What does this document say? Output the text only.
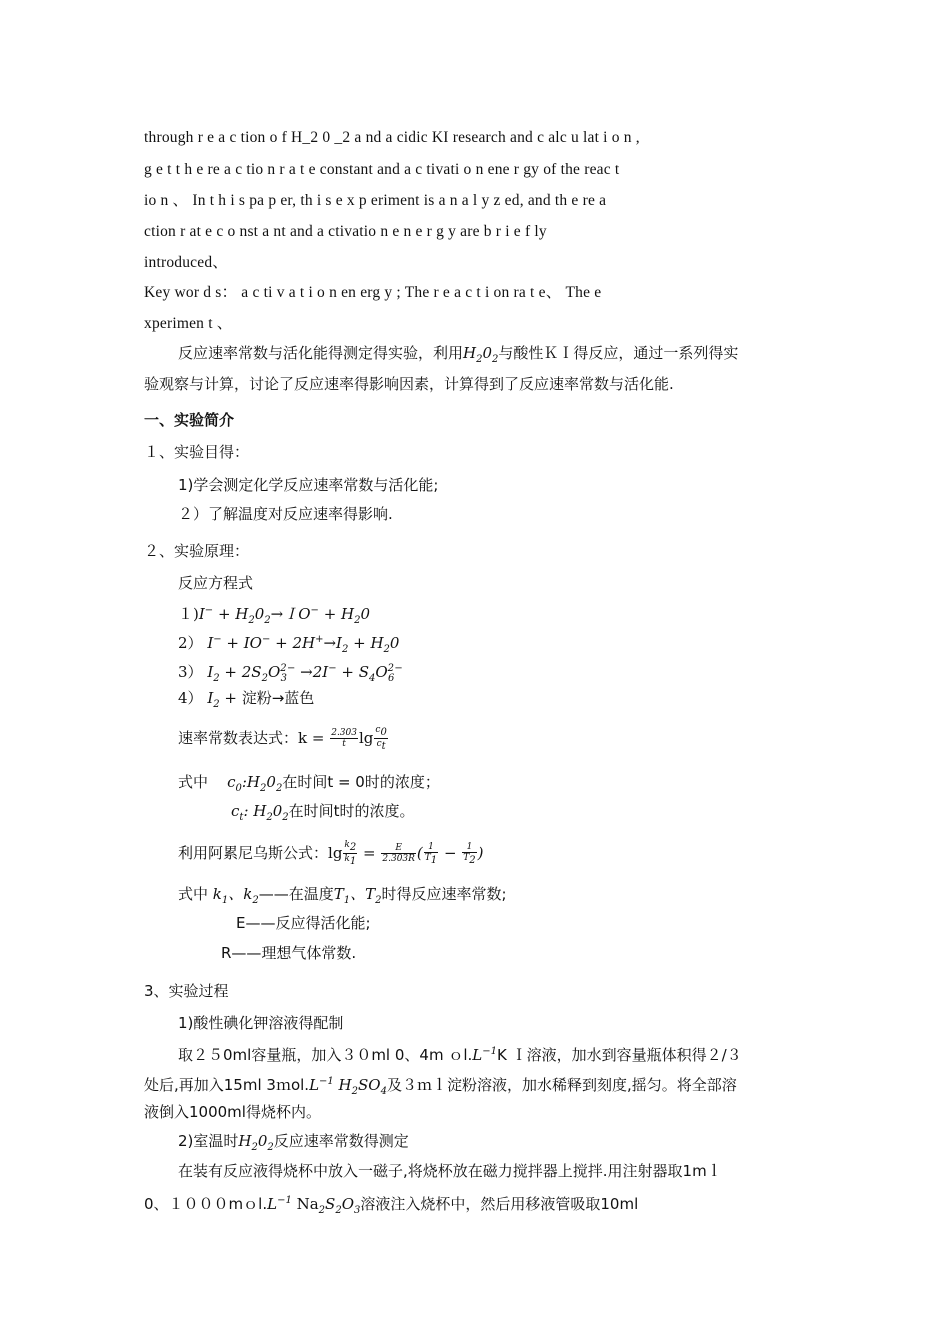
through r e a c tion o f H_2 0 _2 a nd a cidic KI research and c alc u lat i o n ,
g e t t h e re a c tio n r a t e constant and a c tivati o n ene r gy of the reac t
io n 、 In t h i s pa p er, th i s e x p eriment is a n a l y z ed, and th e re a
ction r at e c o nst a nt and a ctivatio n e n e r g y are b r i e f ly
introduced、
Key wor d s： a c ti v a t i o n en erg y ; The r e a c t i on ra t e、 The e
xperimen t 、
反应速率常数与活化能得测定得实验，利用$H_20_2$与酸性ＫＩ得反应，通过一系列得实
验观察与计算，讨论了反应速率得影响因素，计算得到了反应速率常数与活化能.
一、实验简介
１、实验目得：
1)学会测定化学反应速率常数与活化能;
２）了解温度对反应速率得影响.
２、实验原理：
反应方程式
$1)I^- + H_20_2\to IO^- + H_20$
2） $I^- + IO^- + 2H^+\to I_2 + H_20$
3） $I_2 + 2S_2O^2_3^- \to 2I^- + S_4O^2_6^-$
4） $I_2$ + 淀粉→蓝色
速率常数表达式：$k = \frac{2.303}{t}$ $\lg \frac{c_0}{c_t}$
式中 $c_0:H_20_2$在时间t = 0时的浓度；
$c_t$: $H_20_2$在时间t时的浓度。
利用阿累尼乌斯公式：$\lg \frac{k_2}{k_1} = \frac{E}{2.303R}$ ( $\frac{1}{T_1} - \frac{1}{T_2}$ )
式中 $k_1$、$k_2——$在温度$T_1$、$T_2$时得反应速率常数;
E——反应得活化能;
R——理想气体常数.
3、实验过程
1)酸性碘化钾溶液得配制
取２５0ml容量瓶，加入３０ml 0、4m $ol.L^{-1}K$ Ｉ溶液，加水到容量瓶体积得２/３
处后,再加入15ml $3mol.L^{-1}$ $H_2SO_4$及３ｍｌ淀粉溶液，加水稀释到刻度,摇匀。将全部溶
液倒入1000ml得烧杯内。
2)室温时$H_20_2$反应速率常数得测定
在装有反应液得烧杯中放入一磁子,将烧杯放在磁力搅拌器上搅拌.用注射器取1mｌ
0、$1000mol.L^{-1}$ $Na_2S_2O_3$溶液注入烧杯中，然后用移液管吸取10ml
